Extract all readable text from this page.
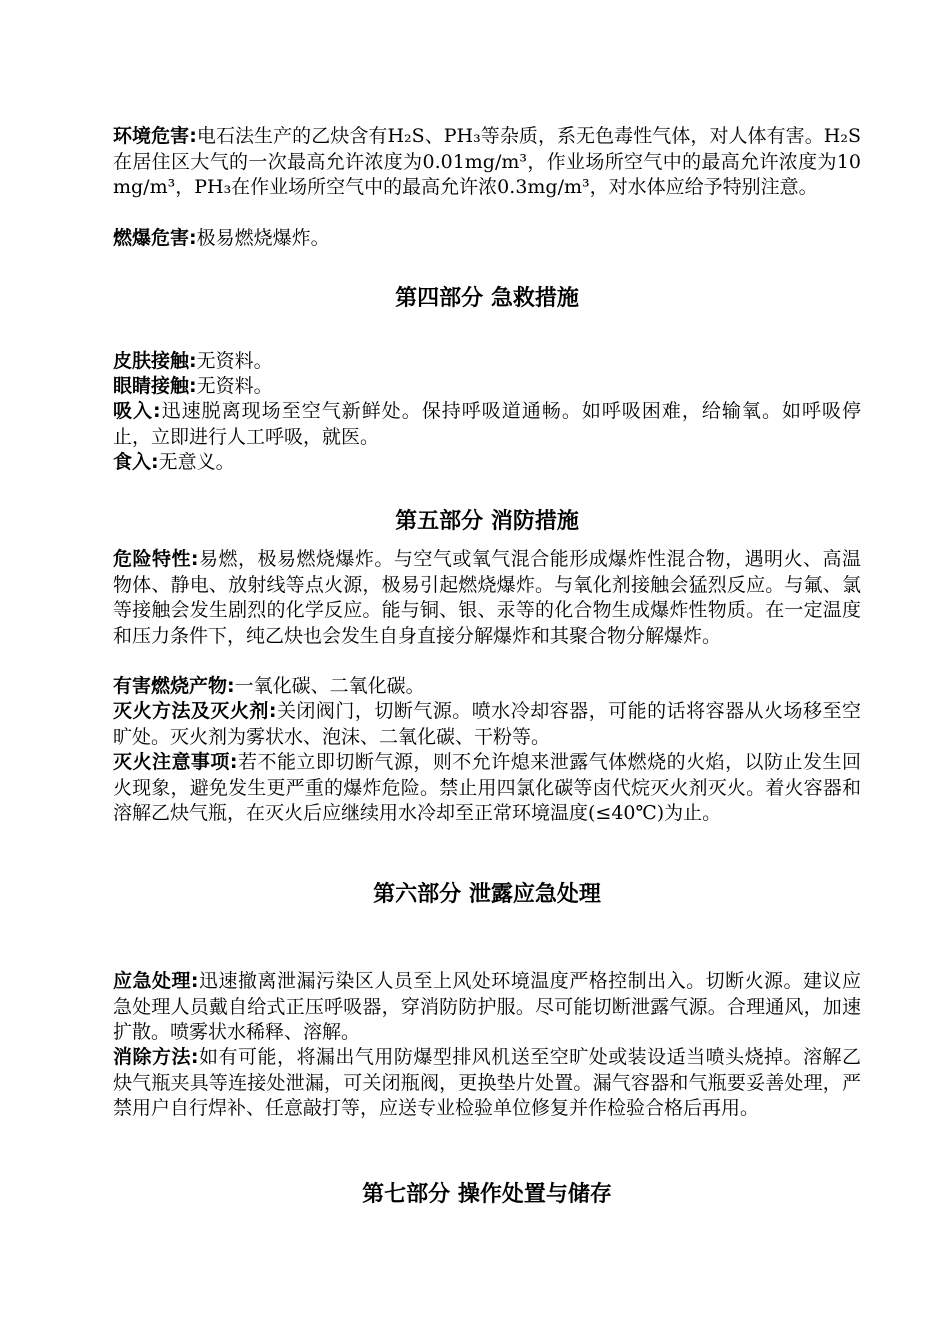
环境危害:电石法生产的乙炔含有H₂S、PH₃等杂质，系无色毒性气体，对人体有害。H₂S在居住区大气的一次最高允许浓度为0.01mg/m³，作业场所空气中的最高允许浓度为10mg/m³，PH₃在作业场所空气中的最高允许浓0.3mg/m³，对水体应给予特别注意。

燃爆危害:极易燃烧爆炸。

第四部分 急救措施

皮肤接触:无资料。

眼睛接触:无资料。

吸入:迅速脱离现场至空气新鲜处。保持呼吸道通畅。如呼吸困难，给输氧。如呼吸停止，立即进行人工呼吸，就医。

食入:无意义。

第五部分 消防措施

危险特性:易燃，极易燃烧爆炸。与空气或氧气混合能形成爆炸性混合物，遇明火、高温物体、静电、放射线等点火源，极易引起燃烧爆炸。与氧化剂接触会猛烈反应。与氟、氯等接触会发生剧烈的化学反应。能与铜、银、汞等的化合物生成爆炸性物质。在一定温度和压力条件下，纯乙炔也会发生自身直接分解爆炸和其聚合物分解爆炸。

有害燃烧产物:一氧化碳、二氧化碳。

灭火方法及灭火剂:关闭阀门，切断气源。喷水冷却容器，可能的话将容器从火场移至空旷处。灭火剂为雾状水、泡沫、二氧化碳、干粉等。

灭火注意事项:若不能立即切断气源，则不允许熄来泄露气体燃烧的火焰，以防止发生回火现象，避免发生更严重的爆炸危险。禁止用四氯化碳等卤代烷灭火剂灭火。着火容器和溶解乙炔气瓶，在灭火后应继续用水冷却至正常环境温度(≤40℃)为止。

第六部分 泄露应急处理

应急处理:迅速撤离泄漏污染区人员至上风处环境温度严格控制出入。切断火源。建议应急处理人员戴自给式正压呼吸器，穿消防防护服。尽可能切断泄露气源。合理通风，加速扩散。喷雾状水稀释、溶解。

消除方法:如有可能，将漏出气用防爆型排风机送至空旷处或装设适当喷头烧掉。溶解乙炔气瓶夹具等连接处泄漏，可关闭瓶阀，更换垫片处置。漏气容器和气瓶要妥善处理，严禁用户自行焊补、任意敲打等，应送专业检验单位修复并作检验合格后再用。

第七部分 操作处置与储存
